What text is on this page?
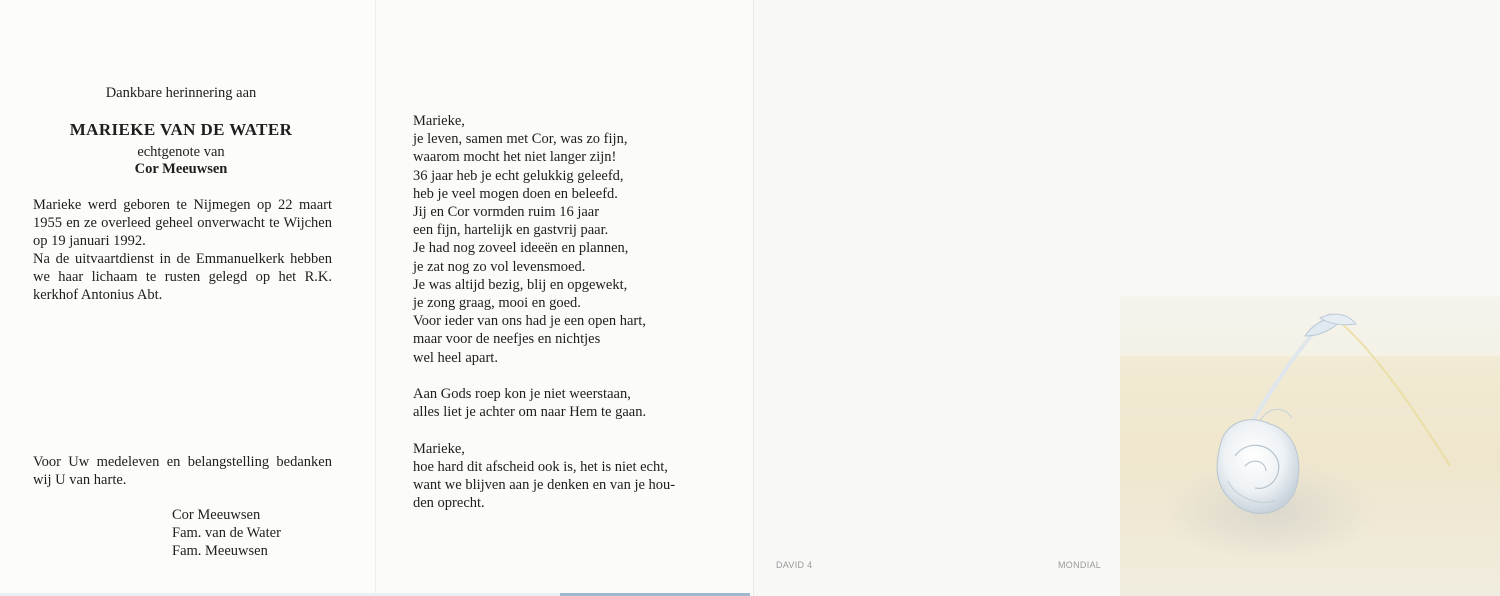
Dankbare herinnering aan
MARIEKE VAN DE WATER
echtgenote van
Cor Meeuwsen
Marieke werd geboren te Nijmegen op 22 maart 1955 en ze overleed geheel onverwacht te Wijchen op 19 januari 1992.
Na de uitvaartdienst in de Emmanuelkerk hebben we haar lichaam te rusten gelegd op het R.K. kerkhof Antonius Abt.
Voor Uw medeleven en belangstelling bedanken wij U van harte.
Cor Meeuwsen
Fam. van de Water
Fam. Meeuwsen
Marieke,
je leven, samen met Cor, was zo fijn,
waarom mocht het niet langer zijn!
36 jaar heb je echt gelukkig geleefd,
heb je veel mogen doen en beleefd.
Jij en Cor vormden ruim 16 jaar
een fijn, hartelijk en gastvrij paar.
Je had nog zoveel ideeën en plannen,
je zat nog zo vol levensmoed.
Je was altijd bezig, blij en opgewekt,
je zong graag, mooi en goed.
Voor ieder van ons had je een open hart,
maar voor de neefjes en nichtjes
wel heel apart.
Aan Gods roep kon je niet weerstaan,
alles liet je achter om naar Hem te gaan.
Marieke,
hoe hard dit afscheid ook is, het is niet echt,
want we blijven aan je denken en van je hou-
den oprecht.
DAVID 4	MONDIAL
